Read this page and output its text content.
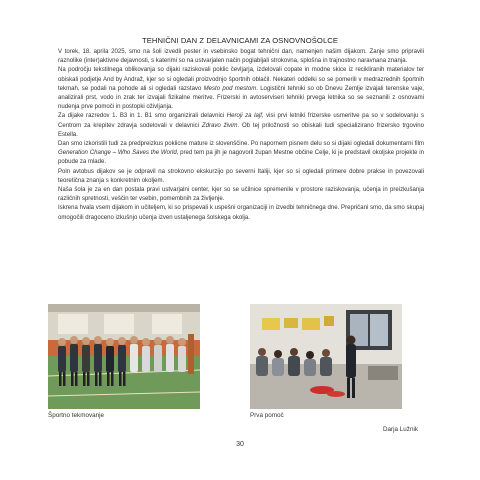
TEHNIČNI DAN Z DELAVNICAMI ZA OSNOVNOŠOLCE

V torek, 18. aprila 2025, smo na šoli izvedli pester in vsebinsko bogat tehnični dan, namenjen našim dijakom. Zanje smo pripravili raznolike (inter)aktivne dejavnosti, s katerimi so na ustvarjalen način poglabljali strokovna, splošna in trajnostno naravnana znanja.

Na področju tekstilnega oblikovanja so dijaki raziskovali poklic čevljarja, izdelovali copate in modne skice iz recikliranih materialov ter obiskali podjetje And by Andraž, kjer so si ogledali proizvodnjo športnih oblačil. Nekateri oddelki so se pomerili v medrazrednih športnih tekmah, se podali na pohode ali si ogledali razstavo Mesto pod mestom. Logistični tehniki so ob Dnevu Zemlje izvajali terenske vaje, analizirali prst, vodo in zrak ter izvajali fizikalne meritve. Frizerski in avtoserviseri tehniki prvega letnika so se seznanili z osnovami nudenja prve pomoči in postopki oživljanja.

Za dijake razredov 1. B3 in 1. B1 smo organizirali delavnici Heroji za lajf, visi prvi letniki frizerske usmeritve pa so v sodelovanju s Centrom za krepitev zdravja sodelovali v delavnici Zdravo živim. Ob tej priložnosti so obiskali tudi specializirano frizersko trgovino Estella.

Dan smo izkoristili tudi za predpreizkus poklicne mature iz slovenščine. Po napornem pisnem delu so si dijaki ogledali dokumentarni film Generation Change – Who Saves the World, pred tem pa jih je nagovoril župan Mestne občine Celje, ki je predstavil okoljske projekte in pobude za mlade.

Poln avtobus dijakov se je odpravil na strokovno ekskurzijo po severni Italiji, kjer so si ogledali primere dobre prakse in povezovali teoretična znanja s konkretnim okoljem.

Naša šola je za en dan postala pravi ustvarjalni center, kjer so se učilnice spremenile v prostore raziskovanja, učenja in preizkušanja različnih spretnosti, veščin ter vsebin, pomembnih za življenje.

Iskrena hvala vsem dijakom in učiteljem, ki so prispevali k uspešni organizaciji in izvedbi tehničnega dne. Prepričani smo, da smo skupaj omogočili dragoceno izkušnjo učenja izven ustaljenega šolskega okolja.

Športno tekmovanje	Prva pomoč
Darja Lužnik
30
